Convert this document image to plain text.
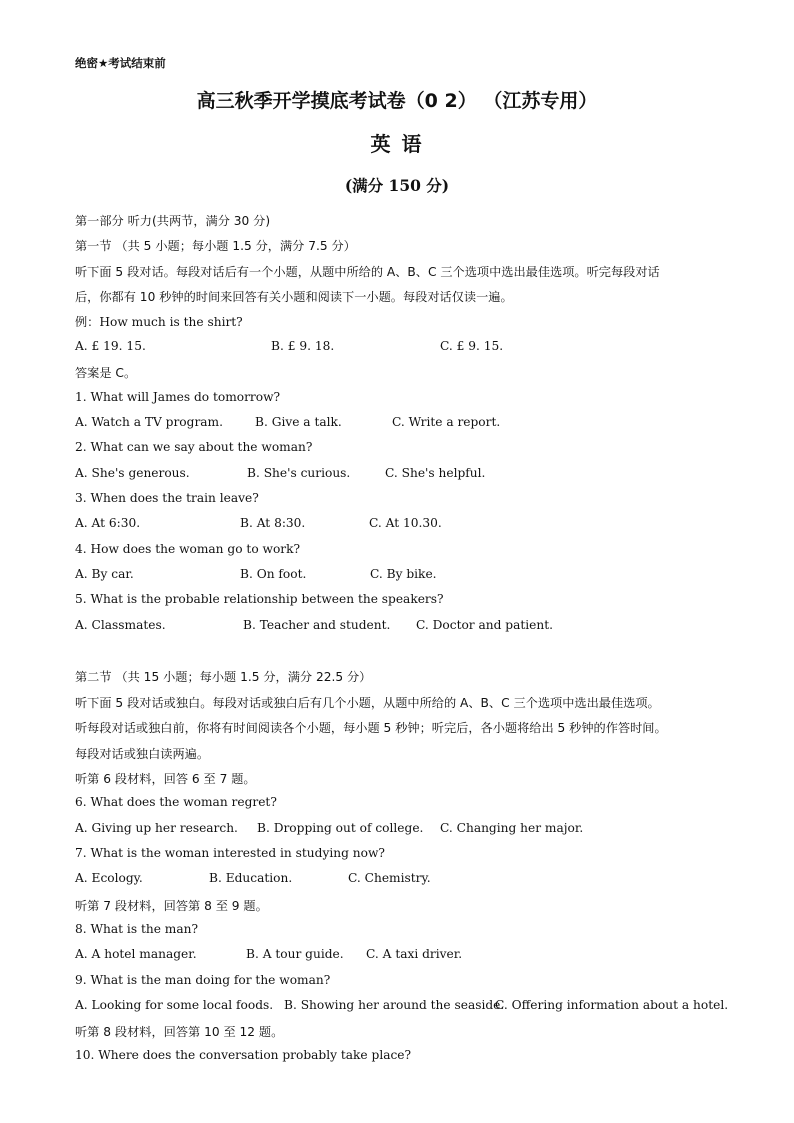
绝密★考试结束前
高三秋季开学摸底考试卷（0 2） （江苏专用）
英 语
(满分 150 分)
第一部分 听力(共两节，满分 30 分)
第一节 （共 5 小题；每小题 1.5 分，满分 7.5 分）
听下面 5 段对话。每段对话后有一个小题，从题中所给的 A、B、C 三个选项中选出最佳选项。听完每段对话
后，你都有 10 秒钟的时间来回答有关小题和阅读下一小题。每段对话仅读一遍。
例：How much is the shirt?
A. £ 19. 15.	B. £ 9. 18.	C. £ 9. 15.
答案是 C。
1. What will James do tomorrow?
A. Watch a TV program.	B. Give a talk.	C. Write a report.
2. What can we say about the woman?
A. She's generous.	B. She's curious.	C. She's helpful.
3. When does the train leave?
A. At 6:30.	B. At 8:30.	C. At 10.30.
4. How does the woman go to work?
A. By car.	B. On foot.	C. By bike.
5. What is the probable relationship between the speakers?
A. Classmates.	B. Teacher and student. C. Doctor and patient.
第二节 （共 15 小题；每小题 1.5 分，满分 22.5 分）
听下面 5 段对话或独白。每段对话或独白后有几个小题，从题中所给的 A、B、C 三个选项中选出最佳选项。
听每段对话或独白前，你将有时间阅读各个小题，每小题 5 秒钟；听完后，各小题将给出 5 秒钟的作答时间。
每段对话或独白读两遍。
听第 6 段材料，回答 6 至 7 题。
6. What does the woman regret?
A. Giving up her research. B. Dropping out of college. C. Changing her major.
7. What is the woman interested in studying now?
A. Ecology.	B. Education.	C. Chemistry.
听第 7 段材料，回答第 8 至 9 题。
8. What is the man?
A. A hotel manager.	B. A tour guide. C. A taxi driver.
9. What is the man doing for the woman?
A. Looking for some local foods. B. Showing her around the seaside.
C. Offering information about a hotel.
听第 8 段材料，回答第 10 至 12 题。
10. Where does the conversation probably take place?
